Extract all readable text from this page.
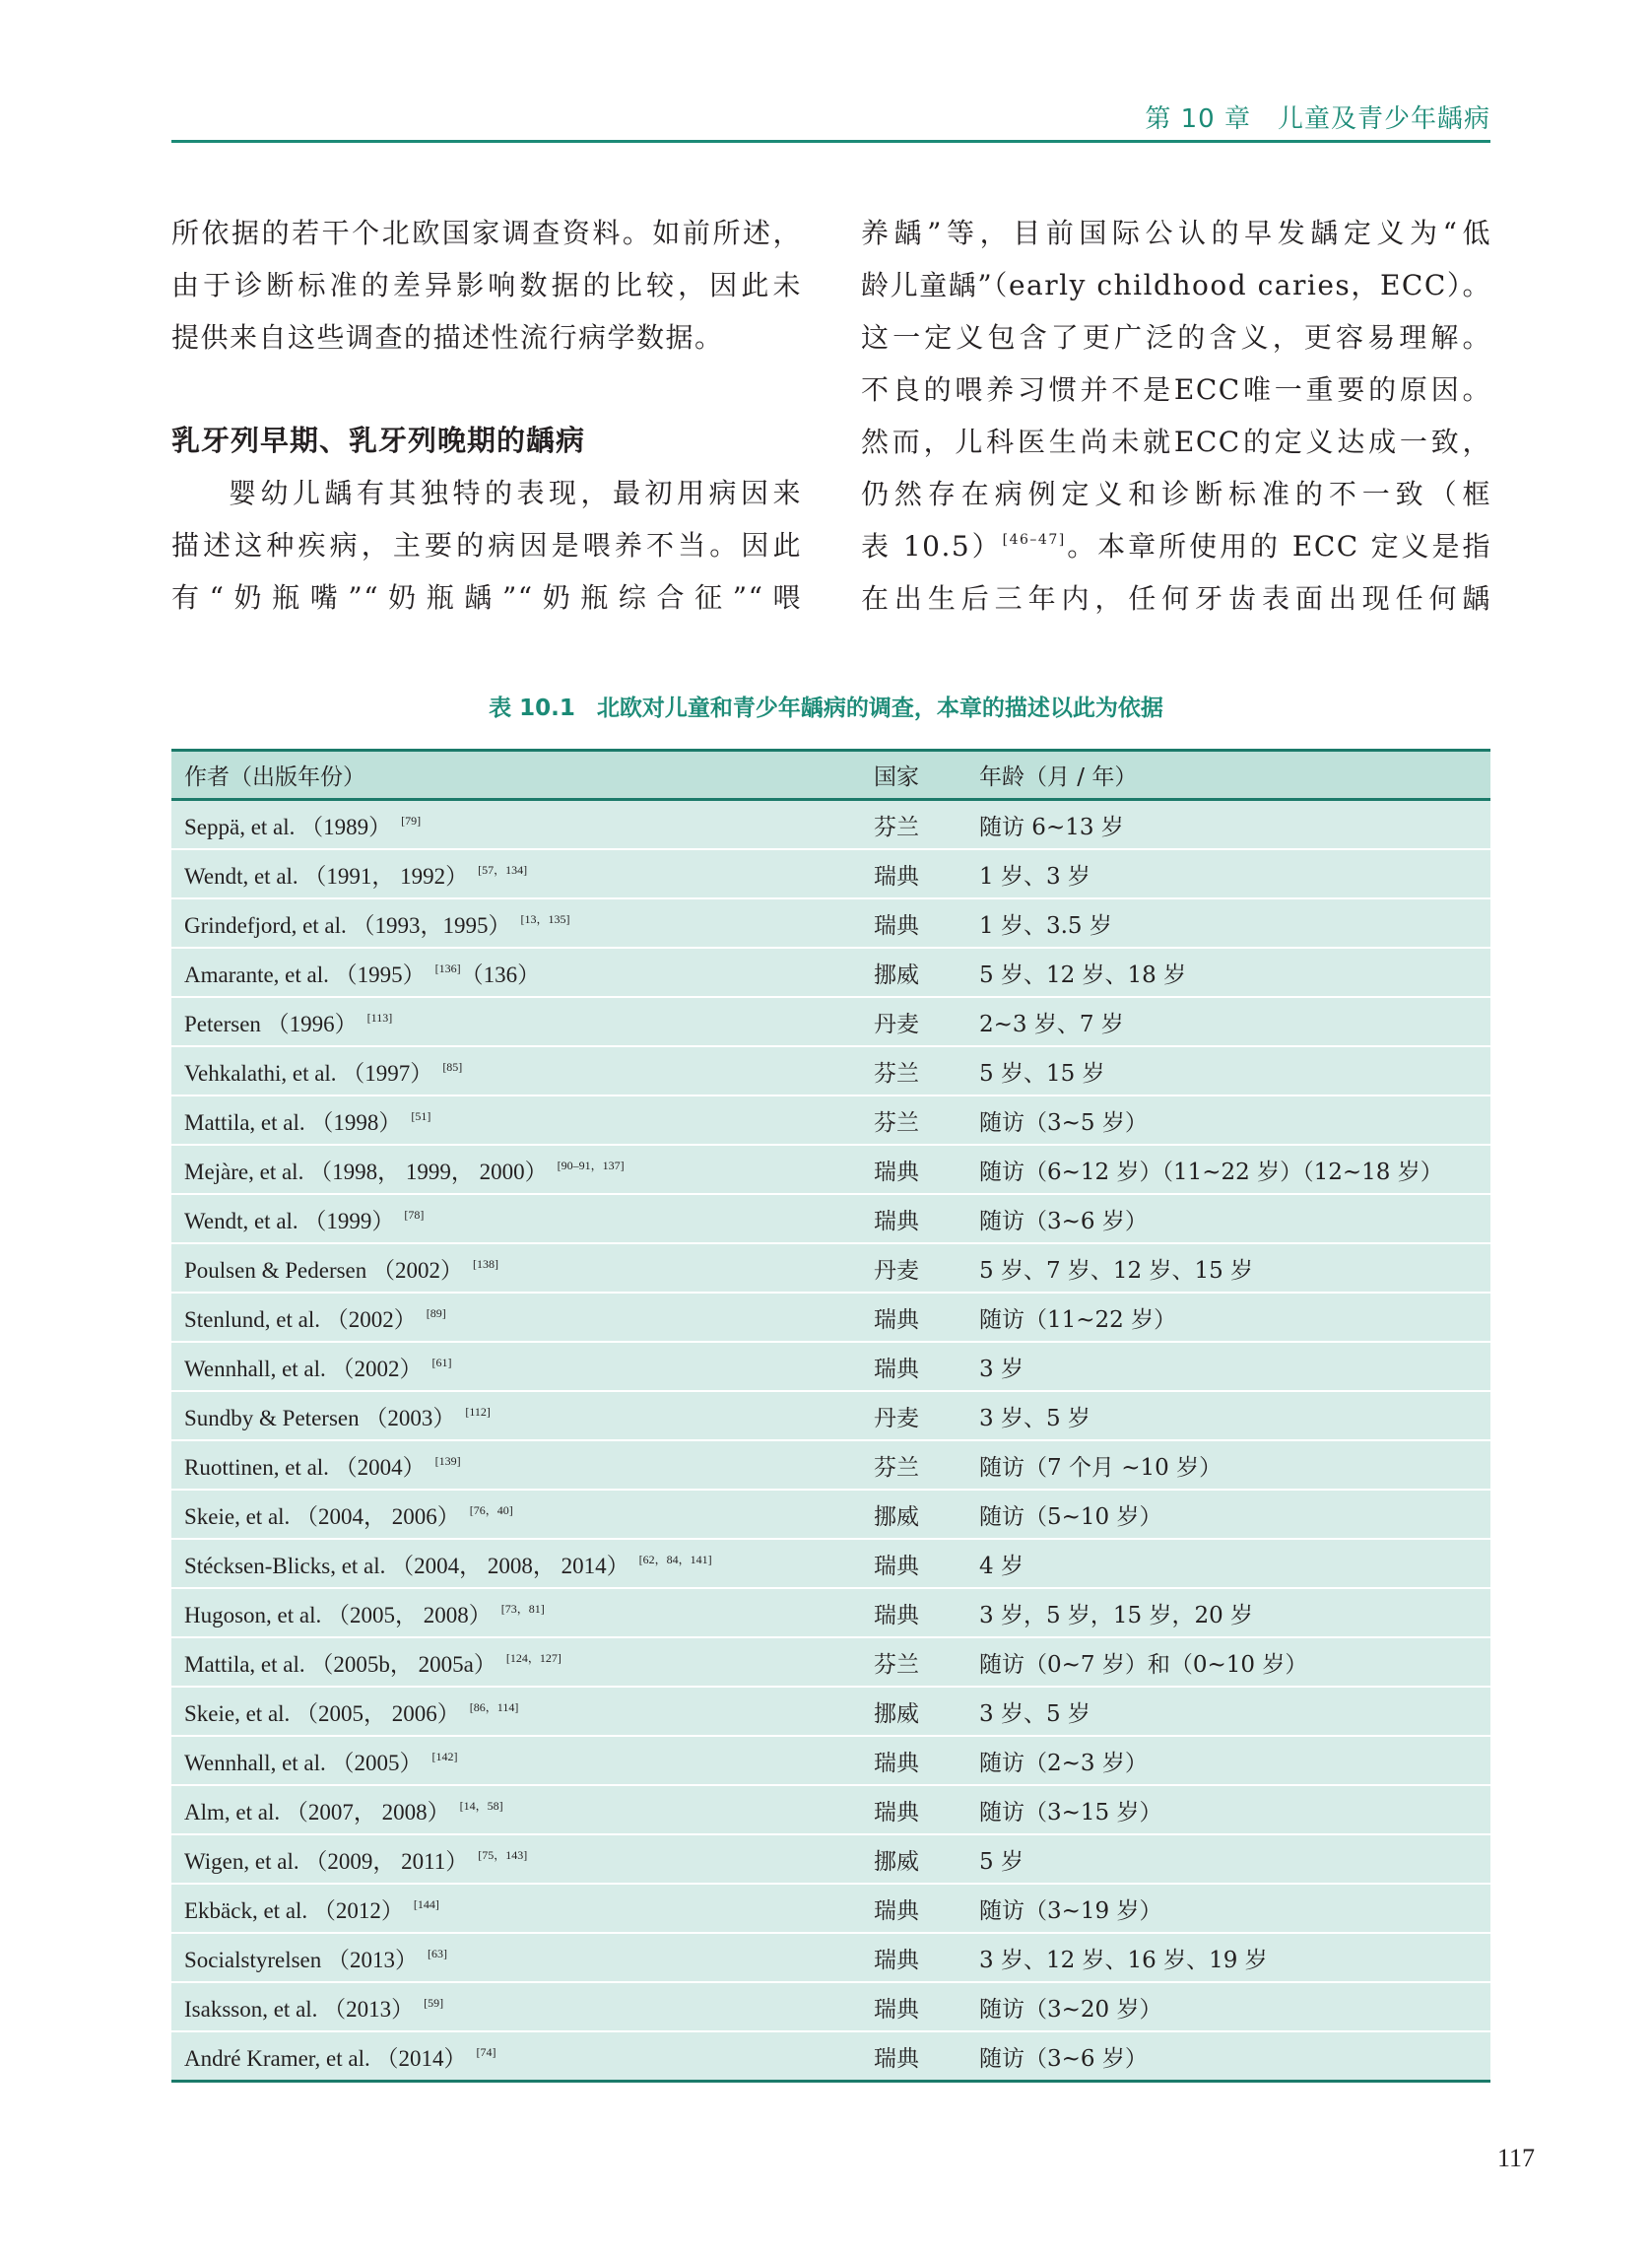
第 10 章　儿童及青少年龋病
所依据的若干个北欧国家调查资料。如前所述，
由于诊断标准的差异影响数据的比较，因此未
提供来自这些调查的描述性流行病学数据。
乳牙列早期、乳牙列晚期的龋病
婴幼儿龋有其独特的表现，最初用病因来
描述这种疾病，主要的病因是喂养不当。因此
有“奶瓶嘴”“奶瓶龋”“奶瓶综合征”“喂
养龋”等，目前国际公认的早发龋定义为“低
龄儿童龋”（early childhood caries，ECC）。
这一定义包含了更广泛的含义，更容易理解。
不良的喂养习惯并不是ECC唯一重要的原因。
然而，儿科医生尚未就ECC的定义达成一致，
仍然存在病例定义和诊断标准的不一致（框
表 10.5）[46–47]。本章所使用的 ECC 定义是指
在出生后三年内，任何牙齿表面出现任何龋
表 10.1 北欧对儿童和青少年龋病的调查，本章的描述以此为依据
作者（出版年份）	国家	年龄（月 / 年）
Seppä, et al. （1989） [79]	芬兰	随访 6~13 岁
Wendt, et al. （1991， 1992） [57，134]	瑞典	1 岁、3 岁
Grindefjord, et al. （1993，1995） [13，135]	瑞典	1 岁、3.5 岁
Amarante, et al. （1995） [136]（136）	挪威	5 岁、12 岁、18 岁
Petersen （1996） [113]	丹麦	2~3 岁、7 岁
Vehkalathi, et al. （1997） [85]	芬兰	5 岁、15 岁
Mattila, et al. （1998） [51]	芬兰	随访（3~5 岁）
Mejàre, et al. （1998， 1999， 2000） [90–91，137]	瑞典	随访（6~12 岁）（11~22 岁）（12~18 岁）
Wendt, et al. （1999） [78]	瑞典	随访（3~6 岁）
Poulsen & Pedersen （2002） [138]	丹麦	5 岁、7 岁、12 岁、15 岁
Stenlund, et al. （2002） [89]	瑞典	随访（11~22 岁）
Wennhall, et al. （2002） [61]	瑞典	3 岁
Sundby & Petersen （2003） [112]	丹麦	3 岁、5 岁
Ruottinen, et al. （2004） [139]	芬兰	随访（7 个月 ~10 岁）
Skeie, et al. （2004， 2006） [76，40]	挪威	随访（5~10 岁）
Stécksen-Blicks, et al. （2004， 2008， 2014） [62，84，141]	瑞典	4 岁
Hugoson, et al. （2005， 2008） [73，81]	瑞典	3 岁，5 岁，15 岁，20 岁
Mattila, et al. （2005b， 2005a） [124，127]	芬兰	随访（0~7 岁）和（0~10 岁）
Skeie, et al. （2005， 2006） [86，114]	挪威	3 岁、5 岁
Wennhall, et al. （2005） [142]	瑞典	随访（2~3 岁）
Alm, et al. （2007， 2008） [14，58]	瑞典	随访（3~15 岁）
Wigen, et al. （2009， 2011） [75，143]	挪威	5 岁
Ekbäck, et al. （2012） [144]	瑞典	随访（3~19 岁）
Socialstyrelsen （2013） [63]	瑞典	3 岁、12 岁、16 岁、19 岁
Isaksson, et al. （2013） [59]	瑞典	随访（3~20 岁）
André Kramer, et al. （2014） [74]	瑞典	随访（3~6 岁）
117
